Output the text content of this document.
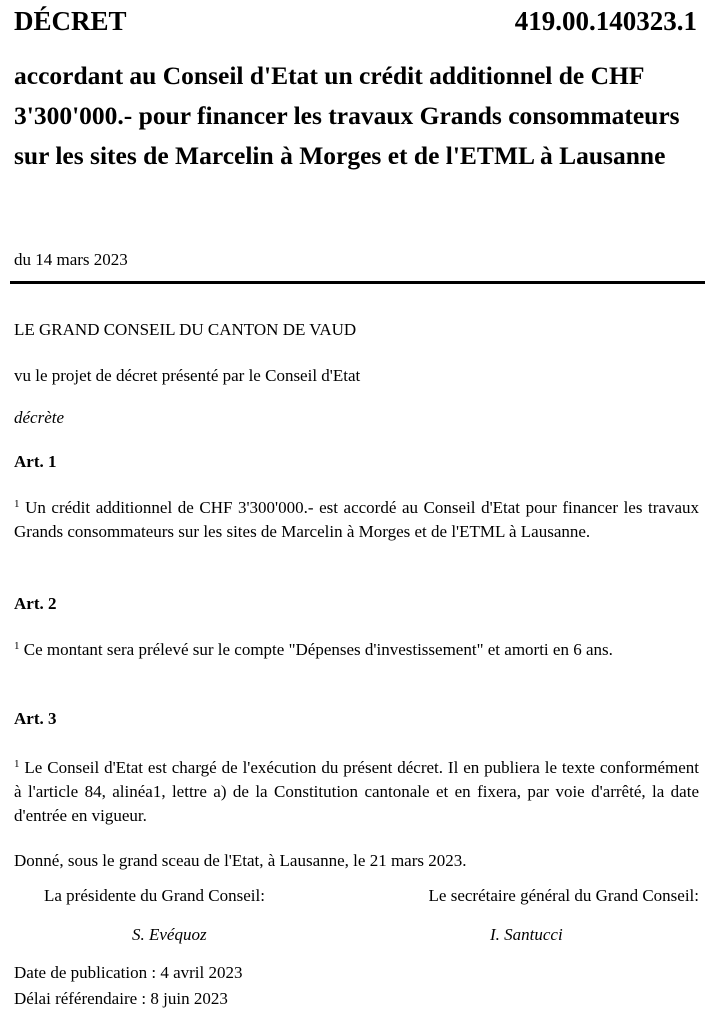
DÉCRET	419.00.140323.1
accordant au Conseil d'Etat un crédit additionnel de CHF 3'300'000.- pour financer les travaux Grands consommateurs sur les sites de Marcelin à Morges et de l'ETML à Lausanne
du 14 mars 2023
LE GRAND CONSEIL DU CANTON DE VAUD
vu le projet de décret présenté par le Conseil d'Etat
décrète
Art. 1
$^1$ Un crédit additionnel de CHF 3'300'000.- est accordé au Conseil d'Etat pour financer les travaux Grands consommateurs sur les sites de Marcelin à Morges et de l'ETML à Lausanne.
Art. 2
$^1$ Ce montant sera prélevé sur le compte "Dépenses d'investissement" et amorti en 6 ans.
Art. 3
$^1$ Le Conseil d'Etat est chargé de l'exécution du présent décret. Il en publiera le texte conformément à l'article 84, alinéa1, lettre a) de la Constitution cantonale et en fixera, par voie d'arrêté, la date d'entrée en vigueur.
Donné, sous le grand sceau de l'Etat, à Lausanne, le 21 mars 2023.
La présidente du Grand Conseil:	Le secrétaire général du Grand Conseil:
S. Evéquoz	I. Santucci
Date de publication : 4 avril 2023
Délai référendaire : 8 juin 2023
